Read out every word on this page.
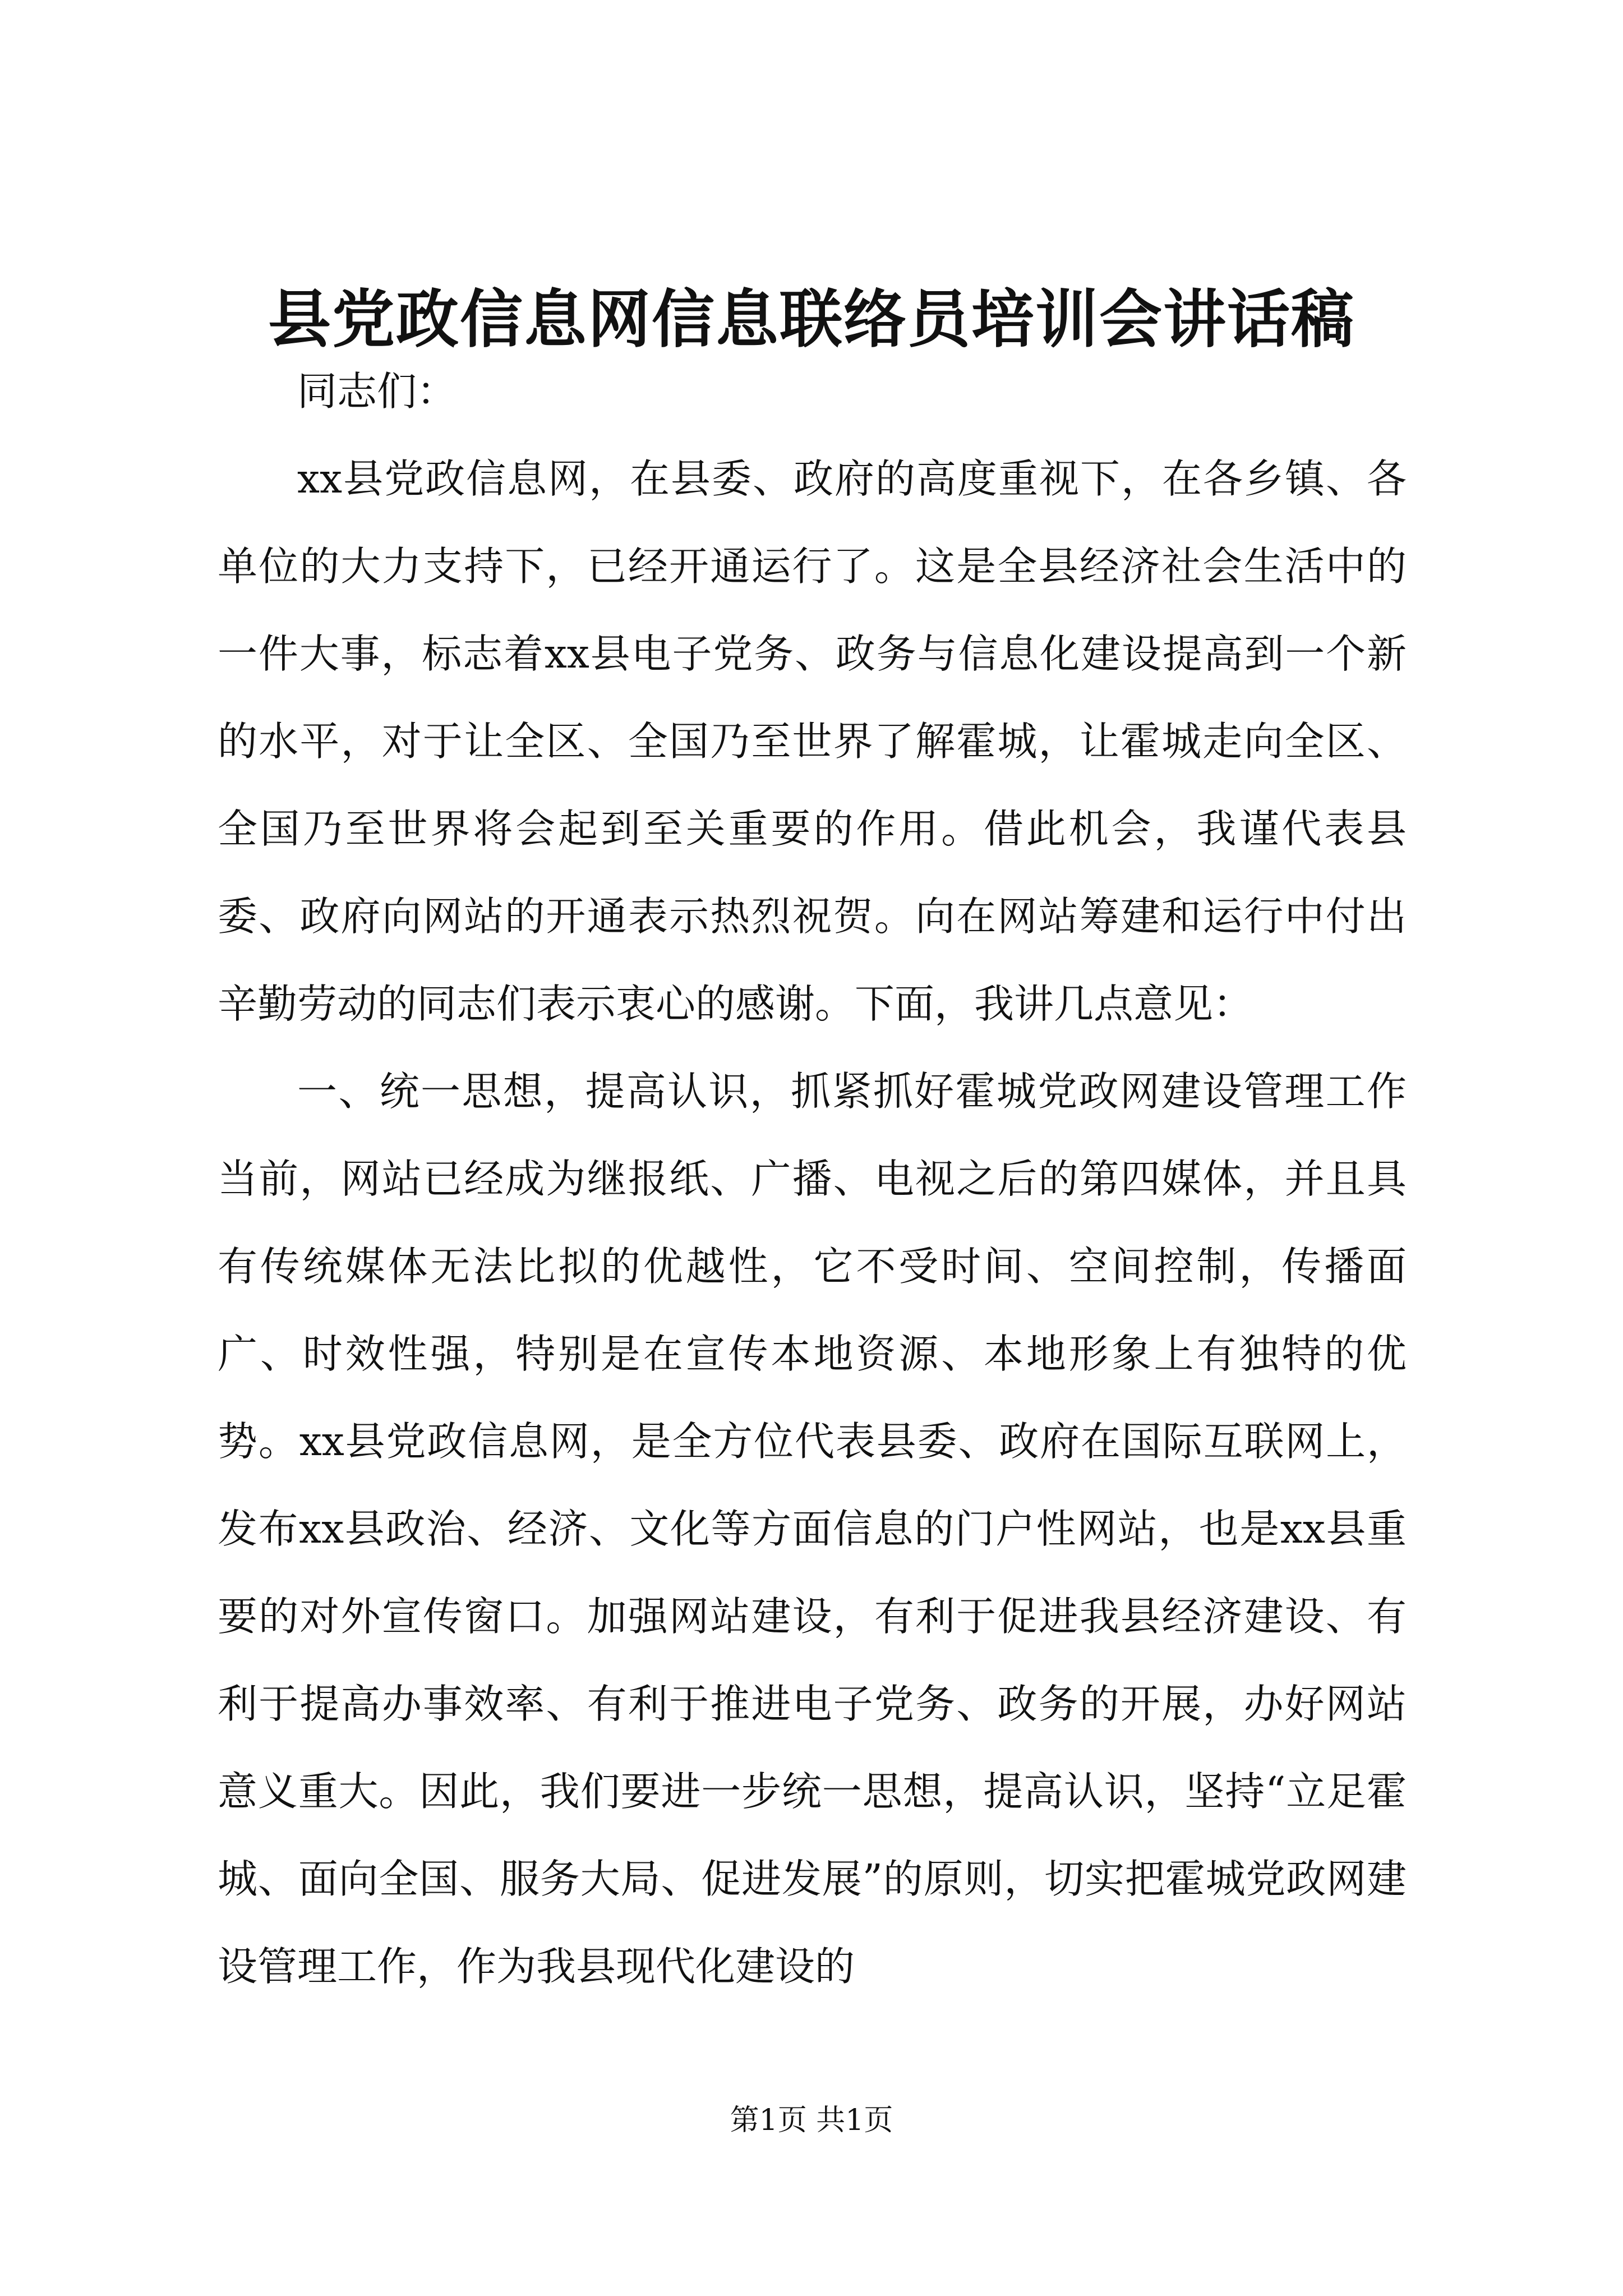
县党政信息网信息联络员培训会讲话稿

同志们：

xx县党政信息网，在县委、政府的高度重视下，在各乡镇、各单位的大力支持下，已经开通运行了。这是全县经济社会生活中的一件大事，标志着xx县电子党务、政务与信息化建设提高到一个新的水平，对于让全区、全国乃至世界了解霍城，让霍城走向全区、全国乃至世界将会起到至关重要的作用。借此机会，我谨代表县委、政府向网站的开通表示热烈祝贺。向在网站筹建和运行中付出辛勤劳动的同志们表示衷心的感谢。下面，我讲几点意见：

一、统一思想，提高认识，抓紧抓好霍城党政网建设管理工作当前，网站已经成为继报纸、广播、电视之后的第四媒体，并且具有传统媒体无法比拟的优越性，它不受时间、空间控制，传播面广、时效性强，特别是在宣传本地资源、本地形象上有独特的优势。xx县党政信息网，是全方位代表县委、政府在国际互联网上，发布xx县政治、经济、文化等方面信息的门户性网站，也是xx县重要的对外宣传窗口。加强网站建设，有利于促进我县经济建设、有利于提高办事效率、有利于推进电子党务、政务的开展，办好网站意义重大。因此，我们要进一步统一思想，提高认识，坚持“立足霍城、面向全国、服务大局、促进发展”的原则，切实把霍城党政网建设管理工作，作为我县现代化建设的

第1页 共1页
